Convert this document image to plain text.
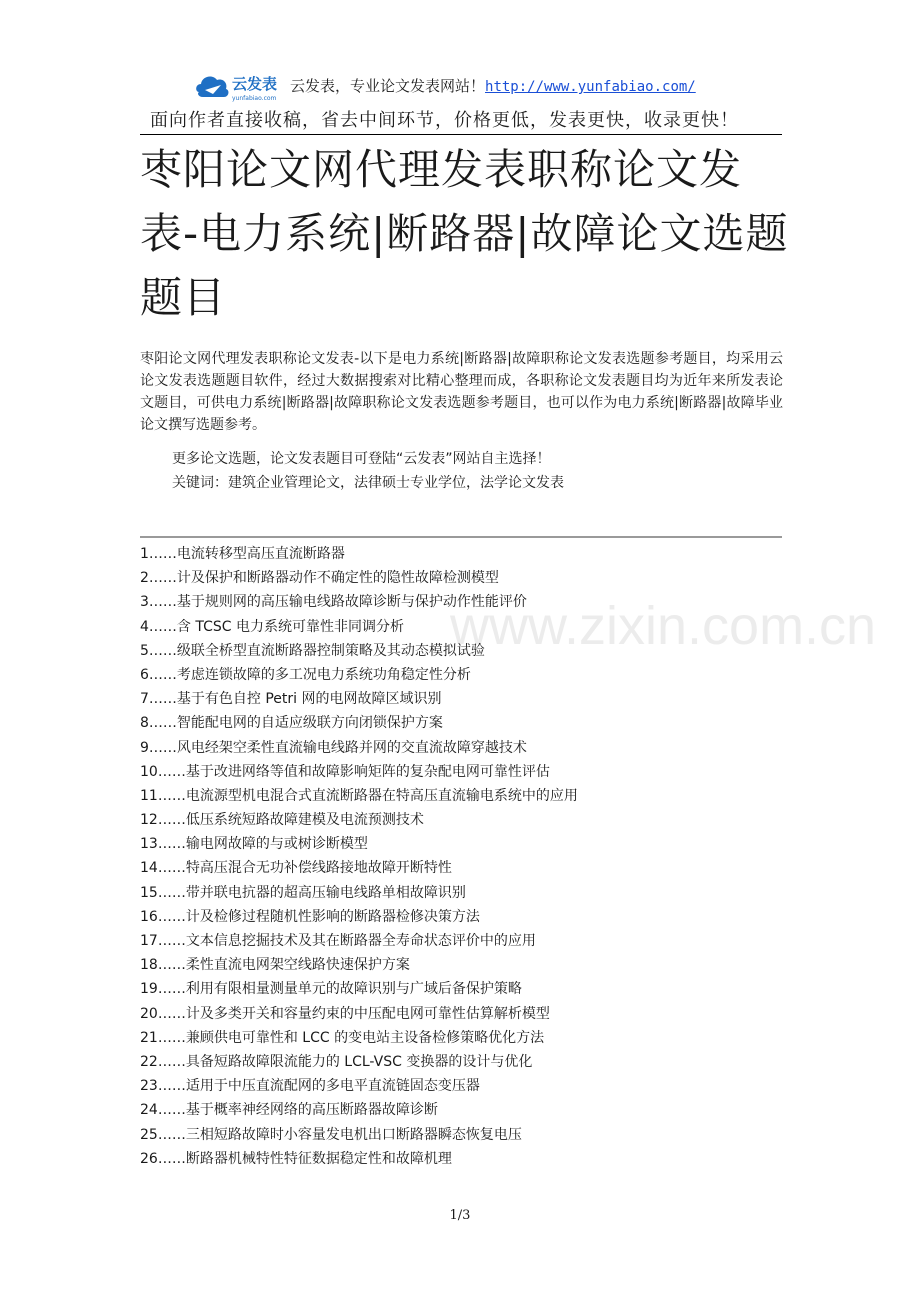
云发表
yunfabiao.com
云发表，专业论文发表网站！http://www.yunfabiao.com/
面向作者直接收稿，省去中间环节，价格更低，发表更快，收录更快！
枣阳论文网代理发表职称论文发表-电力系统|断路器|故障论文选题题目

枣阳论文网代理发表职称论文发表-以下是电力系统|断路器|故障职称论文发表选题参考题目，均采用云论文发表选题题目软件，经过大数据搜索对比精心整理而成，各职称论文发表题目均为近年来所发表论文题目，可供电力系统|断路器|故障职称论文发表选题参考题目，也可以作为电力系统|断路器|故障毕业论文撰写选题参考。

更多论文选题，论文发表题目可登陆“云发表”网站自主选择！

关键词：建筑企业管理论文，法律硕士专业学位，法学论文发表

www.zixin.com.cn
1……电流转移型高压直流断路器
2……计及保护和断路器动作不确定性的隐性故障检测模型
3……基于规则网的高压输电线路故障诊断与保护动作性能评价
4……含 TCSC 电力系统可靠性非同调分析
5……级联全桥型直流断路器控制策略及其动态模拟试验
6……考虑连锁故障的多工况电力系统功角稳定性分析
7……基于有色自控 Petri 网的电网故障区域识别
8……智能配电网的自适应级联方向闭锁保护方案
9……风电经架空柔性直流输电线路并网的交直流故障穿越技术
10……基于改进网络等值和故障影响矩阵的复杂配电网可靠性评估
11……电流源型机电混合式直流断路器在特高压直流输电系统中的应用
12……低压系统短路故障建模及电流预测技术
13……输电网故障的与或树诊断模型
14……特高压混合无功补偿线路接地故障开断特性
15……带并联电抗器的超高压输电线路单相故障识别
16……计及检修过程随机性影响的断路器检修决策方法
17……文本信息挖掘技术及其在断路器全寿命状态评价中的应用
18……柔性直流电网架空线路快速保护方案
19……利用有限相量测量单元的故障识别与广域后备保护策略
20……计及多类开关和容量约束的中压配电网可靠性估算解析模型
21……兼顾供电可靠性和 LCC 的变电站主设备检修策略优化方法
22……具备短路故障限流能力的 LCL-VSC 变换器的设计与优化
23……适用于中压直流配网的多电平直流链固态变压器
24……基于概率神经网络的高压断路器故障诊断
25……三相短路故障时小容量发电机出口断路器瞬态恢复电压
26……断路器机械特性特征数据稳定性和故障机理
1/3
